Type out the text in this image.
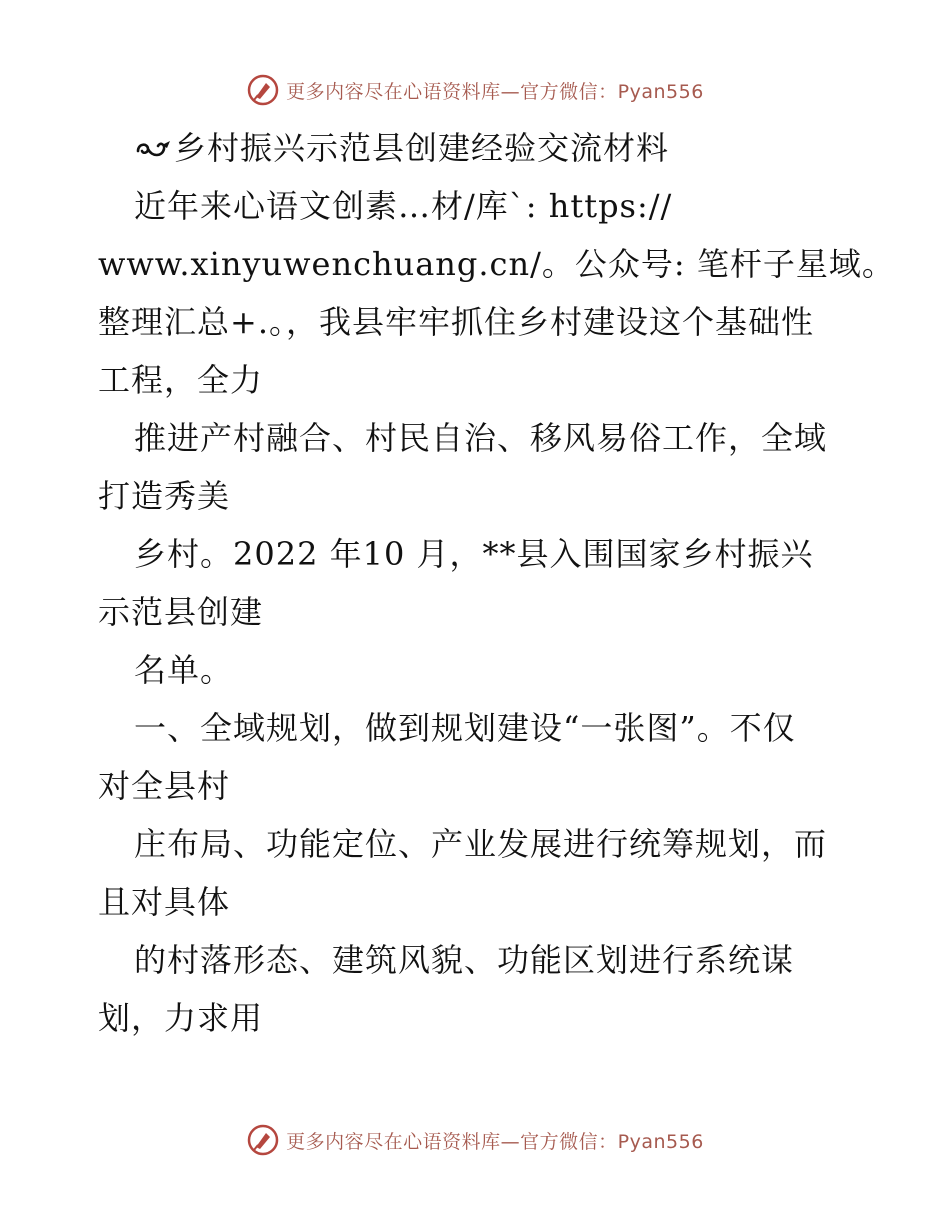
更多内容尽在心语资料库—官方微信：Pyan556
乡村振兴示范县创建经验交流材料
近年来心语文创素…材/库`: https://
www.xinyuwenchuang.cn/。公众号: 笔杆子星域。
整理汇总+.。，我县牢牢抓住乡村建设这个基础性
工程，全力
推进产村融合、村民自治、移风易俗工作，全域
打造秀美
乡村。2022 年10 月，**县入围国家乡村振兴
示范县创建
名单。
一、全域规划，做到规划建设“一张图”。不仅
对全县村
庄布局、功能定位、产业发展进行统筹规划，而
且对具体
的村落形态、建筑风貌、功能区划进行系统谋
划，力求用
更多内容尽在心语资料库—官方微信：Pyan556
